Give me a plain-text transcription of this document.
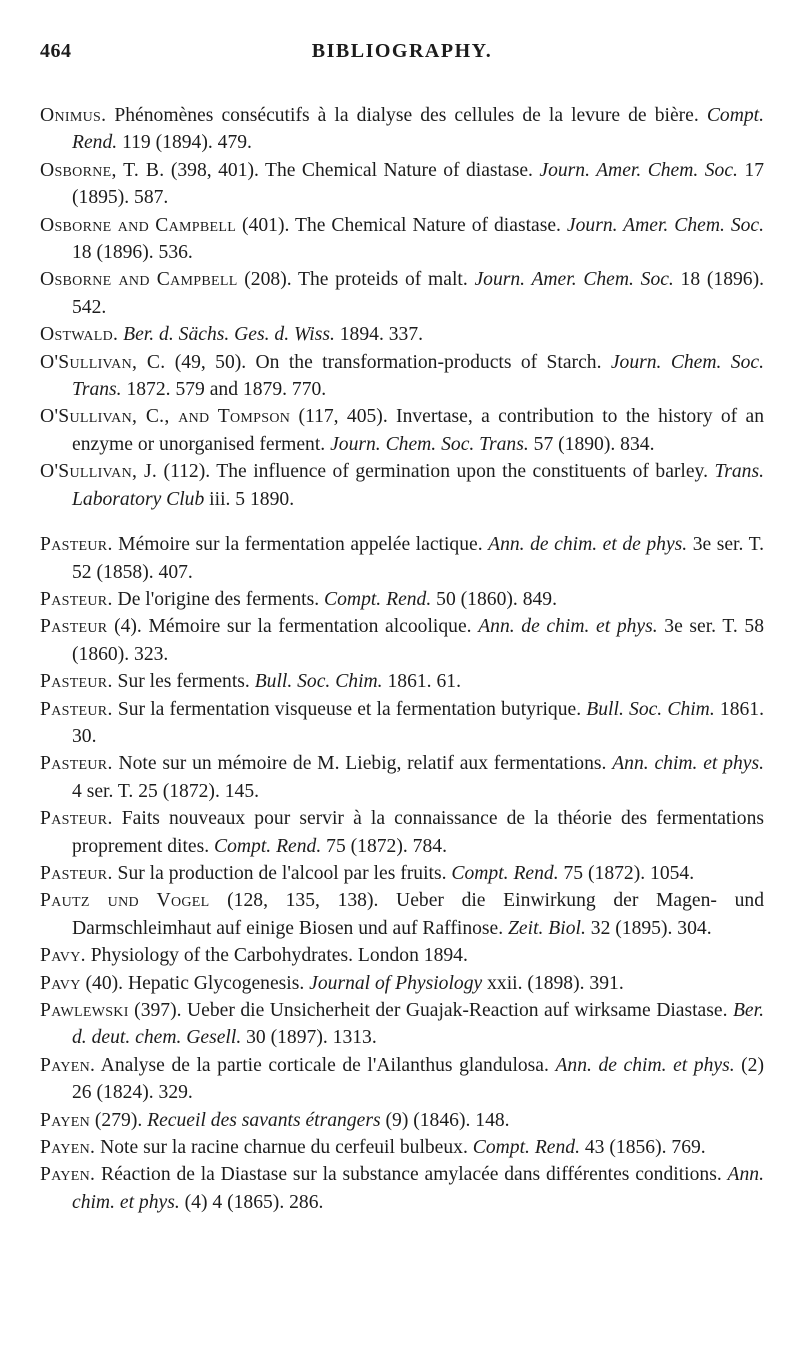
464	BIBLIOGRAPHY.

Onimus. Phénomènes consécutifs à la dialyse des cellules de la levure de bière. Compt. Rend. 119 (1894). 479.

Osborne, T. B. (398, 401). The Chemical Nature of diastase. Journ. Amer. Chem. Soc. 17 (1895). 587.

Osborne and Campbell (401). The Chemical Nature of diastase. Journ. Amer. Chem. Soc. 18 (1896). 536.

Osborne and Campbell (208). The proteids of malt. Journ. Amer. Chem. Soc. 18 (1896). 542.

Ostwald. Ber. d. Sächs. Ges. d. Wiss. 1894. 337.

O'Sullivan, C. (49, 50). On the transformation-products of Starch. Journ. Chem. Soc. Trans. 1872. 579 and 1879. 770.

O'Sullivan, C., and Tompson (117, 405). Invertase, a contribution to the history of an enzyme or unorganised ferment. Journ. Chem. Soc. Trans. 57 (1890). 834.

O'Sullivan, J. (112). The influence of germination upon the constituents of barley. Trans. Laboratory Club iii. 5 1890.

Pasteur. Mémoire sur la fermentation appelée lactique. Ann. de chim. et de phys. 3e ser. T. 52 (1858). 407.

Pasteur. De l'origine des ferments. Compt. Rend. 50 (1860). 849.

Pasteur (4). Mémoire sur la fermentation alcoolique. Ann. de chim. et phys. 3e ser. T. 58 (1860). 323.

Pasteur. Sur les ferments. Bull. Soc. Chim. 1861. 61.

Pasteur. Sur la fermentation visqueuse et la fermentation butyrique. Bull. Soc. Chim. 1861. 30.

Pasteur. Note sur un mémoire de M. Liebig, relatif aux fermentations. Ann. chim. et phys. 4 ser. T. 25 (1872). 145.

Pasteur. Faits nouveaux pour servir à la connaissance de la théorie des fermentations proprement dites. Compt. Rend. 75 (1872). 784.

Pasteur. Sur la production de l'alcool par les fruits. Compt. Rend. 75 (1872). 1054.

Pautz und Vogel (128, 135, 138). Ueber die Einwirkung der Magen- und Darmschleimhaut auf einige Biosen und auf Raffinose. Zeit. Biol. 32 (1895). 304.

Pavy. Physiology of the Carbohydrates. London 1894.

Pavy (40). Hepatic Glycogenesis. Journal of Physiology xxii. (1898). 391.

Pawlewski (397). Ueber die Unsicherheit der Guajak-Reaction auf wirksame Diastase. Ber. d. deut. chem. Gesell. 30 (1897). 1313.

Payen. Analyse de la partie corticale de l'Ailanthus glandulosa. Ann. de chim. et phys. (2) 26 (1824). 329.

Payen (279). Recueil des savants étrangers (9) (1846). 148.

Payen. Note sur la racine charnue du cerfeuil bulbeux. Compt. Rend. 43 (1856). 769.

Payen. Réaction de la Diastase sur la substance amylacée dans différentes conditions. Ann. chim. et phys. (4) 4 (1865). 286.
